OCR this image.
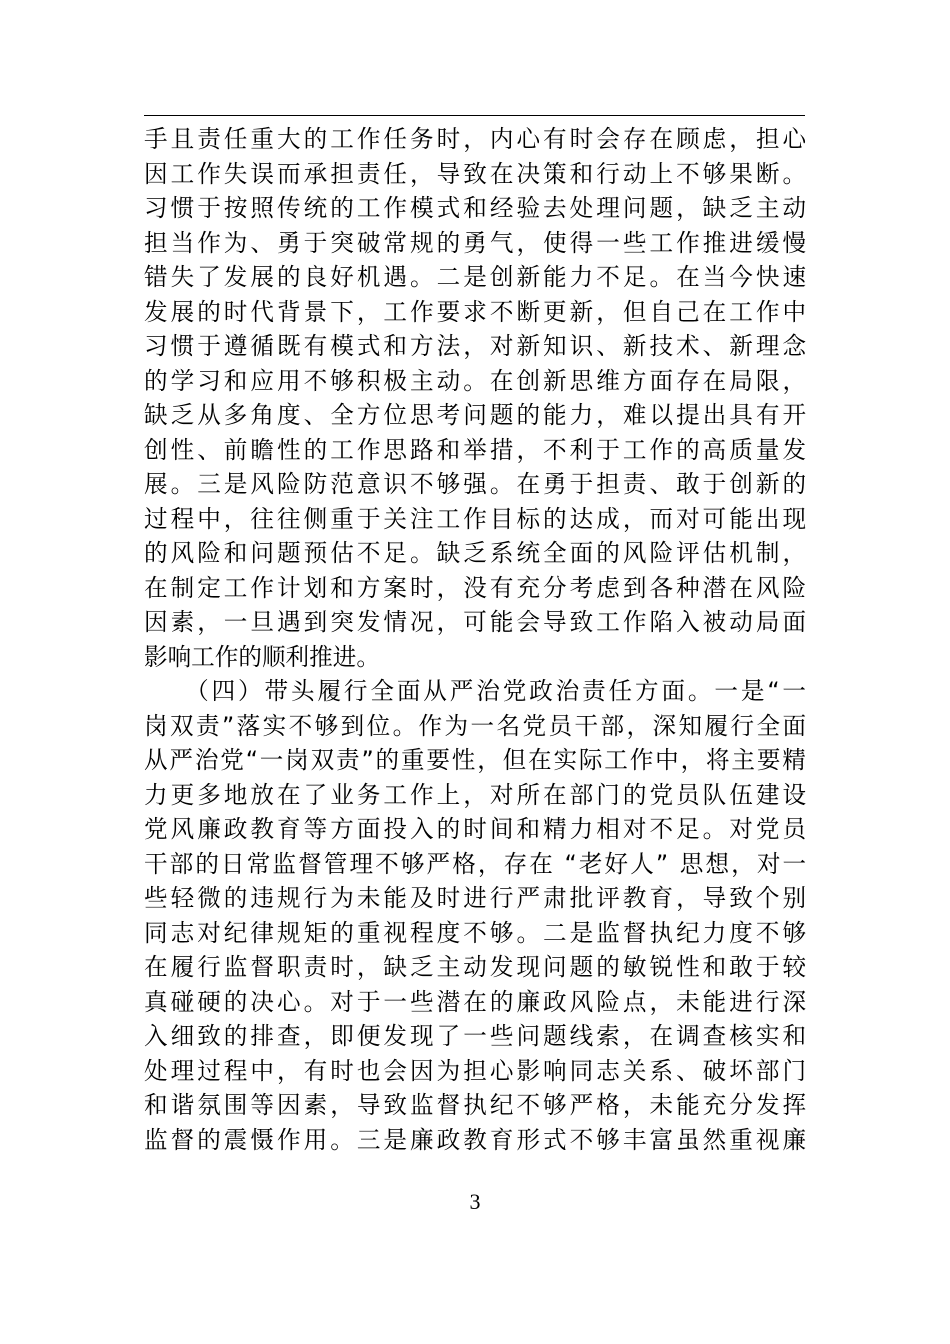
手且责任重大的工作任务时，内心有时会存在顾虑，担心
因工作失误而承担责任，导致在决策和行动上不够果断。
习惯于按照传统的工作模式和经验去处理问题，缺乏主动
担当作为、勇于突破常规的勇气，使得一些工作推进缓慢
错失了发展的良好机遇。二是创新能力不足。在当今快速
发展的时代背景下，工作要求不断更新，但自己在工作中
习惯于遵循既有模式和方法，对新知识、新技术、新理念
的学习和应用不够积极主动。在创新思维方面存在局限，
缺乏从多角度、全方位思考问题的能力，难以提出具有开
创性、前瞻性的工作思路和举措，不利于工作的高质量发
展。三是风险防范意识不够强。在勇于担责、敢于创新的
过程中，往往侧重于关注工作目标的达成，而对可能出现
的风险和问题预估不足。缺乏系统全面的风险评估机制，
在制定工作计划和方案时，没有充分考虑到各种潜在风险
因素，一旦遇到突发情况，可能会导致工作陷入被动局面
影响工作的顺利推进。
　　（四）带头履行全面从严治党政治责任方面。一是“一
岗双责”落实不够到位。作为一名党员干部，深知履行全面
从严治党“一岗双责”的重要性，但在实际工作中，将主要精
力更多地放在了业务工作上，对所在部门的党员队伍建设
党风廉政教育等方面投入的时间和精力相对不足。对党员
干部的日常监督管理不够严格，存在 “老好人” 思想，对一
些轻微的违规行为未能及时进行严肃批评教育，导致个别
同志对纪律规矩的重视程度不够。二是监督执纪力度不够
在履行监督职责时，缺乏主动发现问题的敏锐性和敢于较
真碰硬的决心。对于一些潜在的廉政风险点，未能进行深
入细致的排查，即便发现了一些问题线索，在调查核实和
处理过程中，有时也会因为担心影响同志关系、破坏部门
和谐氛围等因素，导致监督执纪不够严格，未能充分发挥
监督的震慑作用。三是廉政教育形式不够丰富虽然重视廉
3
